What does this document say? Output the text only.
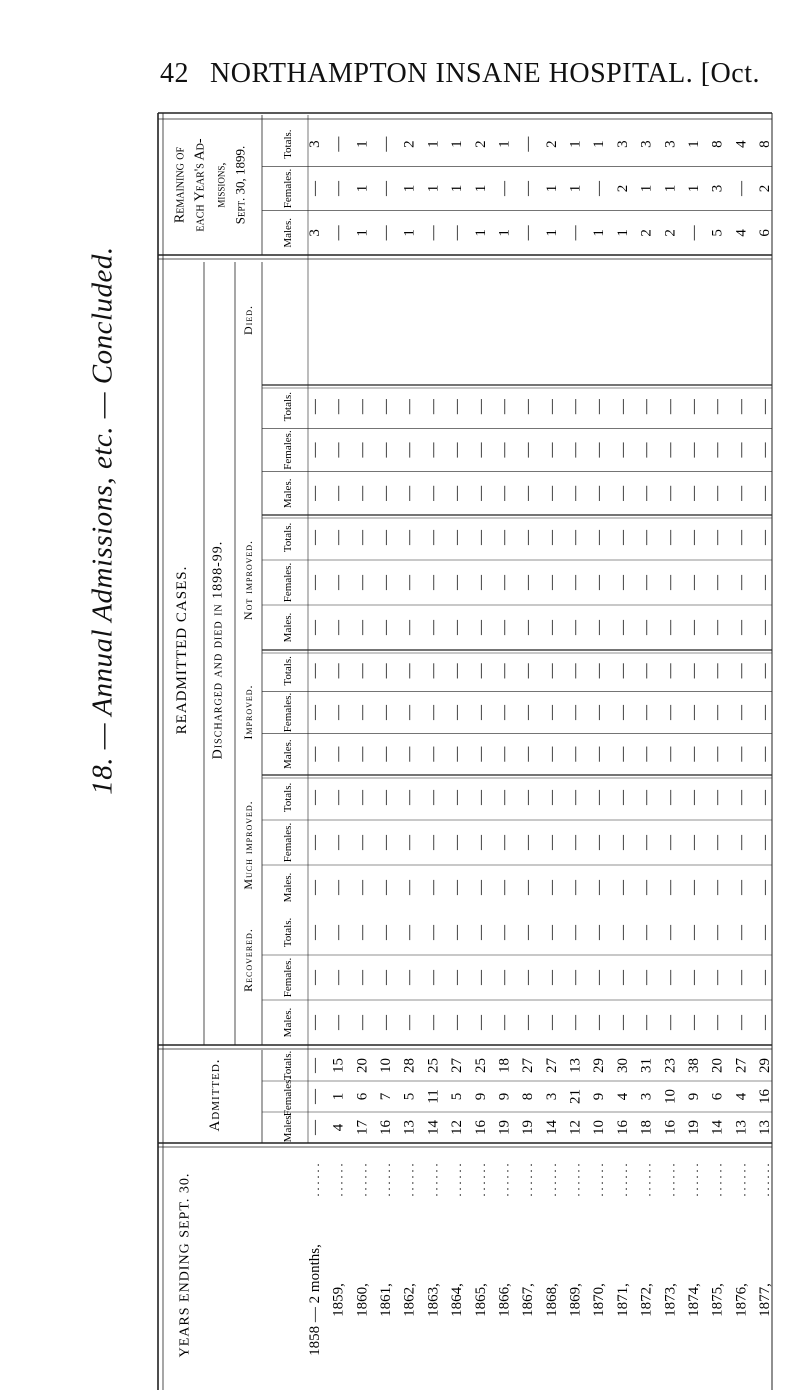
18. — Annual Admissions, etc. — Concluded.
42 NORTHAMPTON INSANE HOSPITAL. [Oct.
YEARS ENDING SEPT. 30.
Admitted.
READMITTED CASES. Discharged and died in 1898-99.
Remaining of each Year's Ad- missions, Sept. 30, 1899.
Recovered.
Much improved.
Improved.
Not improved.
Died.
Males.
Females.
Totals.
Males.
Females.
Totals.
Males.
Females.
Totals.
Males.
Females.
Totals.
Males.
Females.
Totals.
Males.
Females.
Totals.
Males.
Females.
Totals.
1858 — 2 months,
. . . . . .
1859,
. . . . . .
1860,
. . . . . .
1861,
. . . . . .
1862,
. . . . . .
1863,
. . . . . .
1864,
. . . . . .
1865,
. . . . . .
1866,
. . . . . .
1867,
. . . . . .
1868,
. . . . . .
1869,
. . . . . .
1870,
. . . . . .
1871,
. . . . . .
1872,
. . . . . .
1873,
. . . . . .
1874,
. . . . . .
1875,
. . . . . .
1876,
. . . . . .
1877,
. . . . . .
— 4 17 16 13 14 12 16 19 19 14 12 10 16 18 16 19 14 13 13
— 1 6 7 5 11 5 9 9 8 3 21 9 4 3 10 9 6 4 16
— 15 20 10 28 25 27 25 18 27 27 13 29 30 31 23 38 20 27 29
— — — — — — — — — — — — — — — — — — — —
— — — — — — — — — — — — — — — — — — — —
— — — — — — — — — — — — — — — — — — — —
— — — — — — — — — — — — — — — — — — — —
— — — — — — — — — — — — — — — — — — — —
— — — — — — — — — — — — — — — — — — — —
— — — — — — — — — — — — — — — — — — — —
— — — — — — — — — — — — — — — — — — — —
— — — — — — — — — — — — — — — — — — — —
— — — — — — — — — — — — — — — — — — — —
— — — — — — — — — — — — — — — — — — — —
— — — — — — — — — — — — — — — — — — — —
— — — — — — — — — — — — — — — — — — — —
— — — — — — — — — — — — — — — — — — — —
— — — — — — — — — — — — — — — — — — — —
3 — 1 — 1 — — 1 1 — 1 — 1 1 2 2 — 5 4 6
— — 1 — 1 1 1 1 — — 1 1 — 2 1 1 1 3 — 2
3 — 1 — 2 1 1 2 1 — 2 1 1 3 3 3 1 8 4 8
